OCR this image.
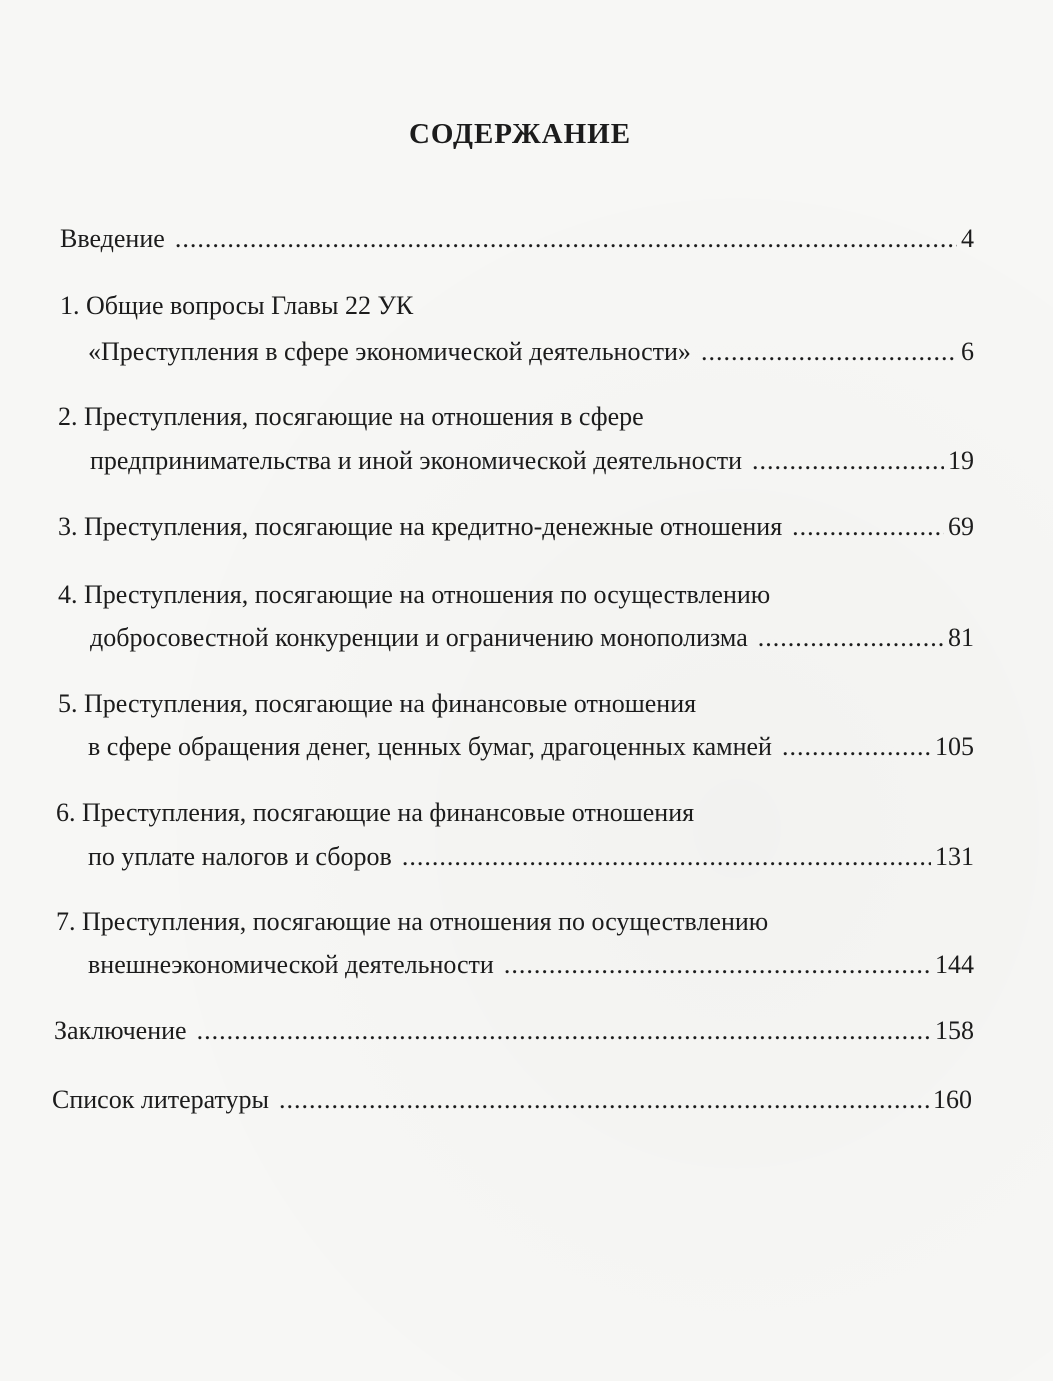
СОДЕРЖАНИЕ
Введение .....	4
1. Общие вопросы Главы 22 УК
«Преступления в сфере экономической деятельности» .....	6
2. Преступления, посягающие на отношения в сфере
предпринимательства и иной экономической деятельности .....	19
3. Преступления, посягающие на кредитно-денежные отношения .....	69
4. Преступления, посягающие на отношения по осуществлению
добросовестной конкуренции и ограничению монополизма .....	81
5. Преступления, посягающие на финансовые отношения
в сфере обращения денег, ценных бумаг, драгоценных камней .....	105
6. Преступления, посягающие на финансовые отношения
по уплате налогов и сборов .....	131
7. Преступления, посягающие на отношения по осуществлению
внешнеэкономической деятельности .....	144
Заключение .....	158
Список литературы .....	160
